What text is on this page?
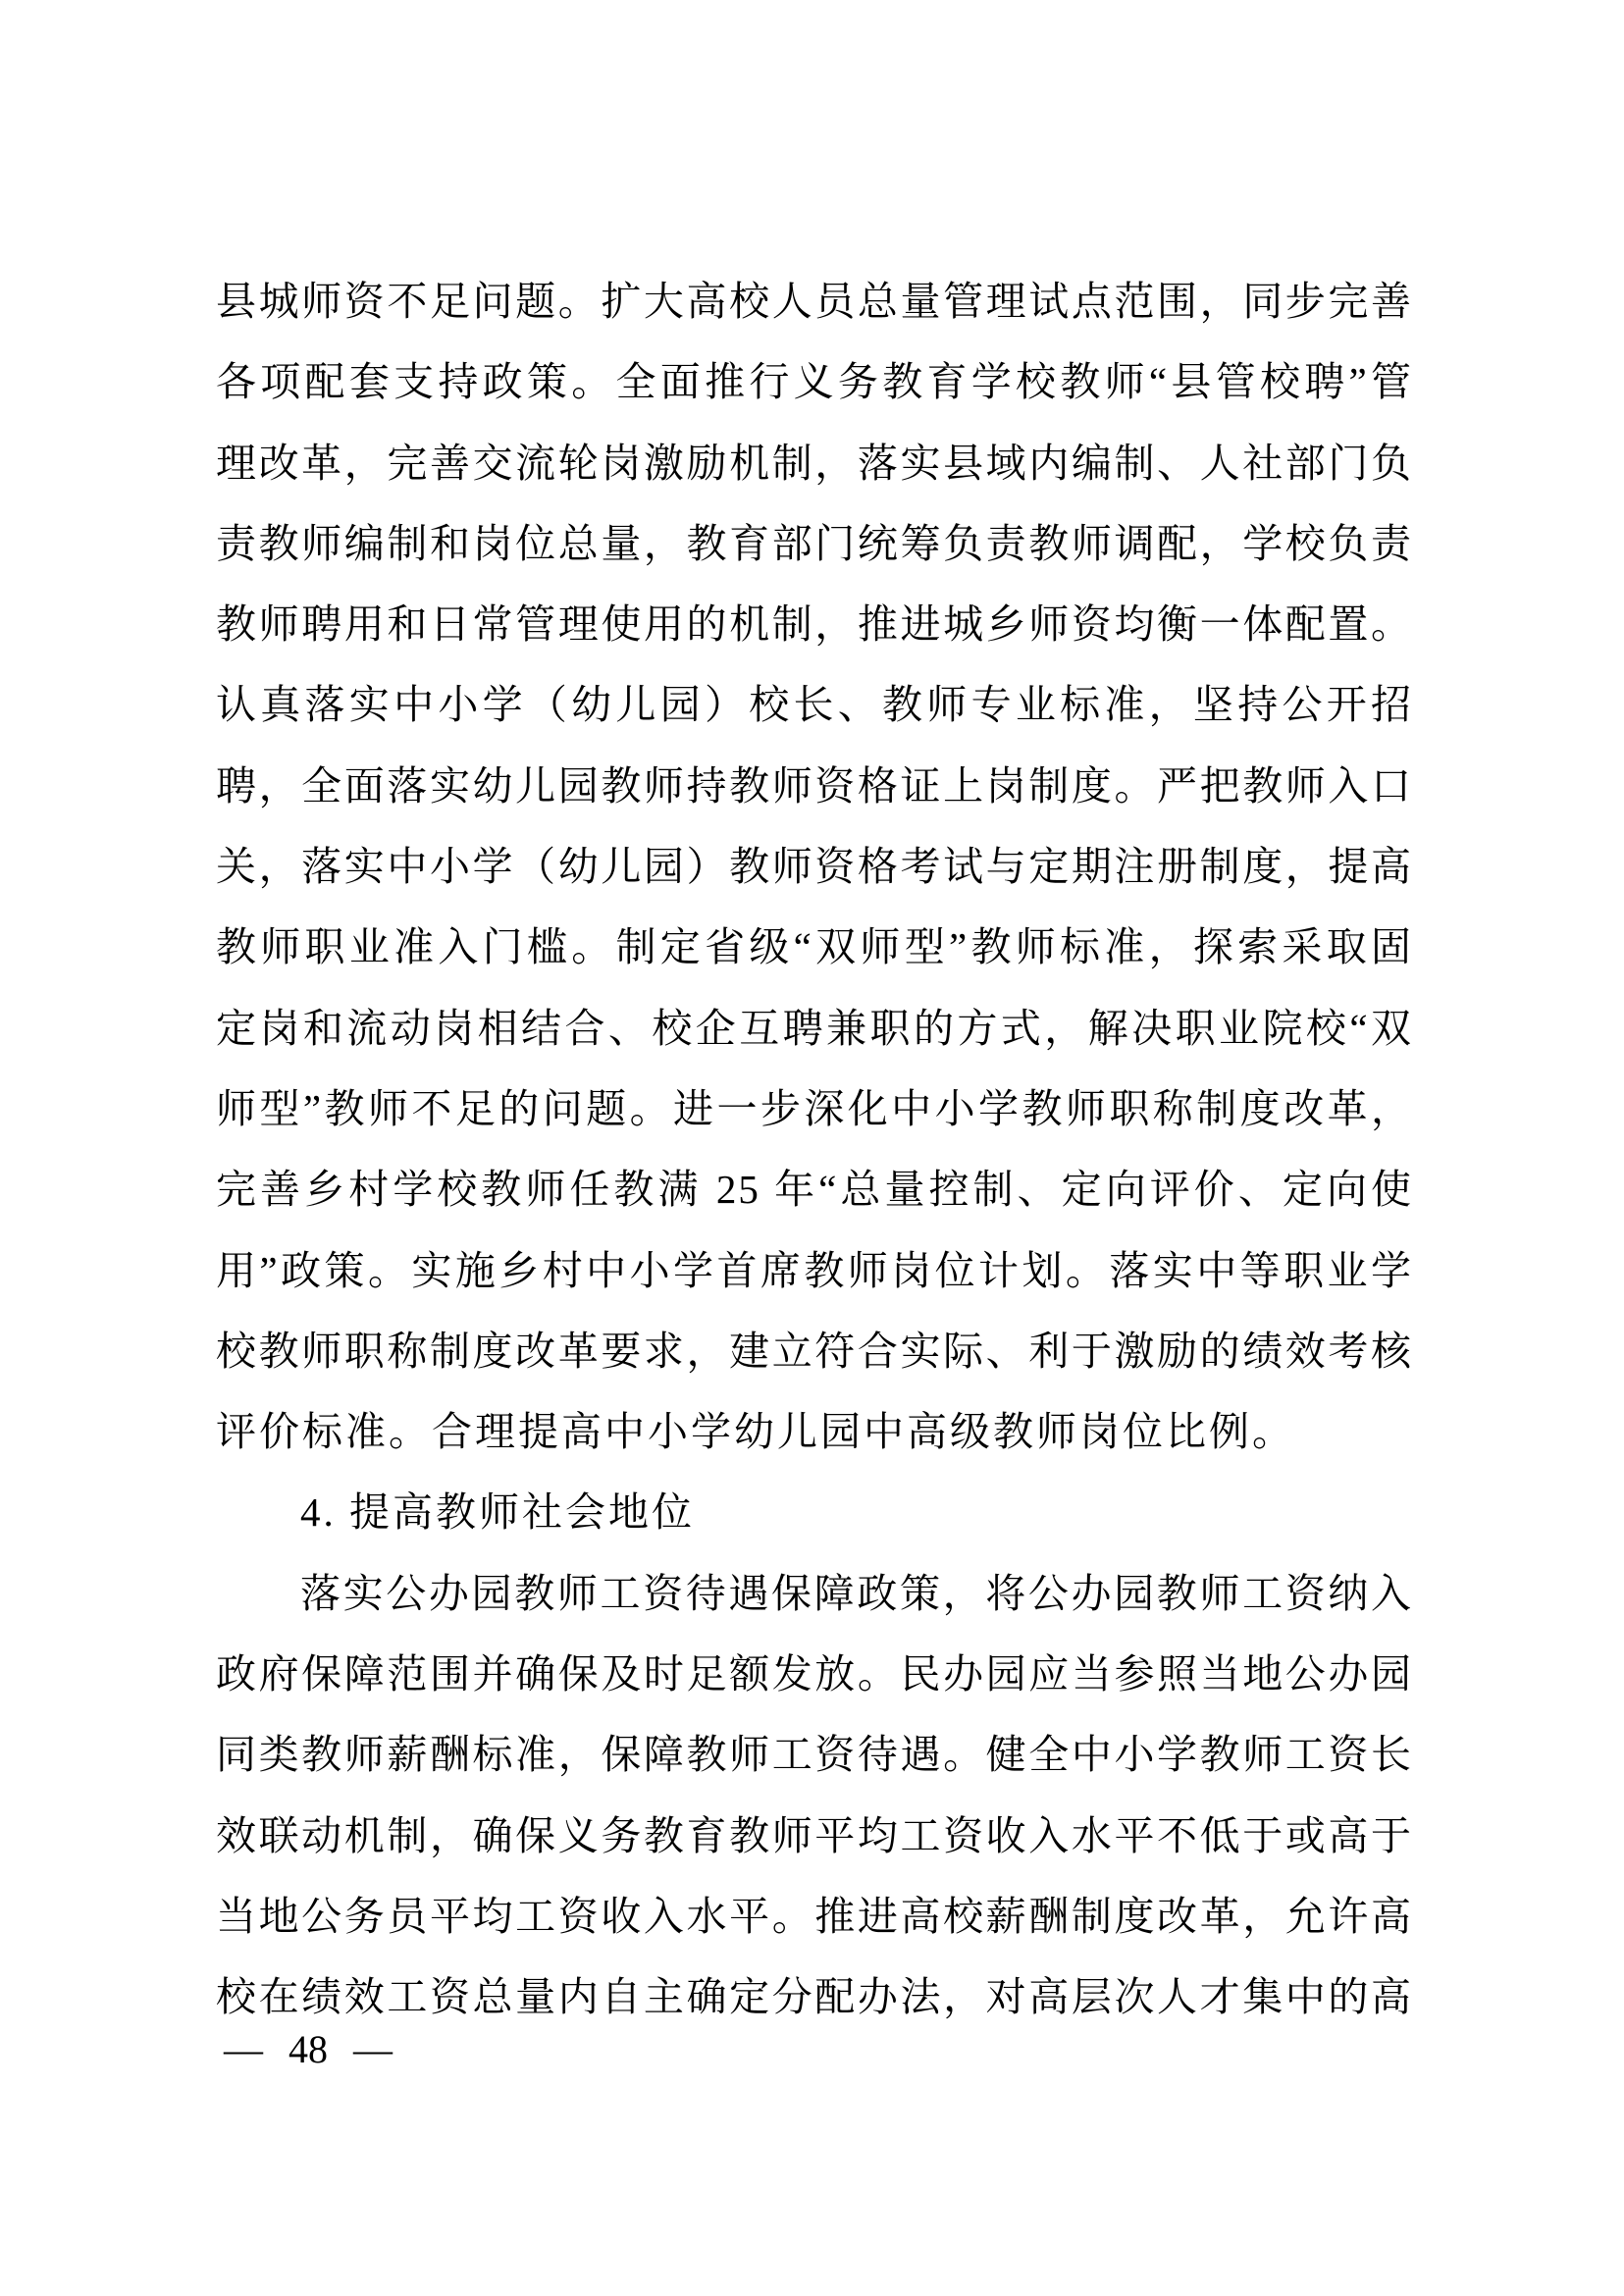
县城师资不足问题。扩大高校人员总量管理试点范围，同步完善
各项配套支持政策。全面推行义务教育学校教师“县管校聘”管
理改革，完善交流轮岗激励机制，落实县域内编制、人社部门负
责教师编制和岗位总量，教育部门统筹负责教师调配，学校负责
教师聘用和日常管理使用的机制，推进城乡师资均衡一体配置。
认真落实中小学（幼儿园）校长、教师专业标准，坚持公开招
聘，全面落实幼儿园教师持教师资格证上岗制度。严把教师入口
关，落实中小学（幼儿园）教师资格考试与定期注册制度，提高
教师职业准入门槛。制定省级“双师型”教师标准，探索采取固
定岗和流动岗相结合、校企互聘兼职的方式，解决职业院校“双
师型”教师不足的问题。进一步深化中小学教师职称制度改革，
完善乡村学校教师任教满 25 年“总量控制、定向评价、定向使
用”政策。实施乡村中小学首席教师岗位计划。落实中等职业学
校教师职称制度改革要求，建立符合实际、利于激励的绩效考核
评价标准。合理提高中小学幼儿园中高级教师岗位比例。
4. 提高教师社会地位
落实公办园教师工资待遇保障政策，将公办园教师工资纳入
政府保障范围并确保及时足额发放。民办园应当参照当地公办园
同类教师薪酬标准，保障教师工资待遇。健全中小学教师工资长
效联动机制，确保义务教育教师平均工资收入水平不低于或高于
当地公务员平均工资收入水平。推进高校薪酬制度改革，允许高
校在绩效工资总量内自主确定分配办法，对高层次人才集中的高
— 48 —
